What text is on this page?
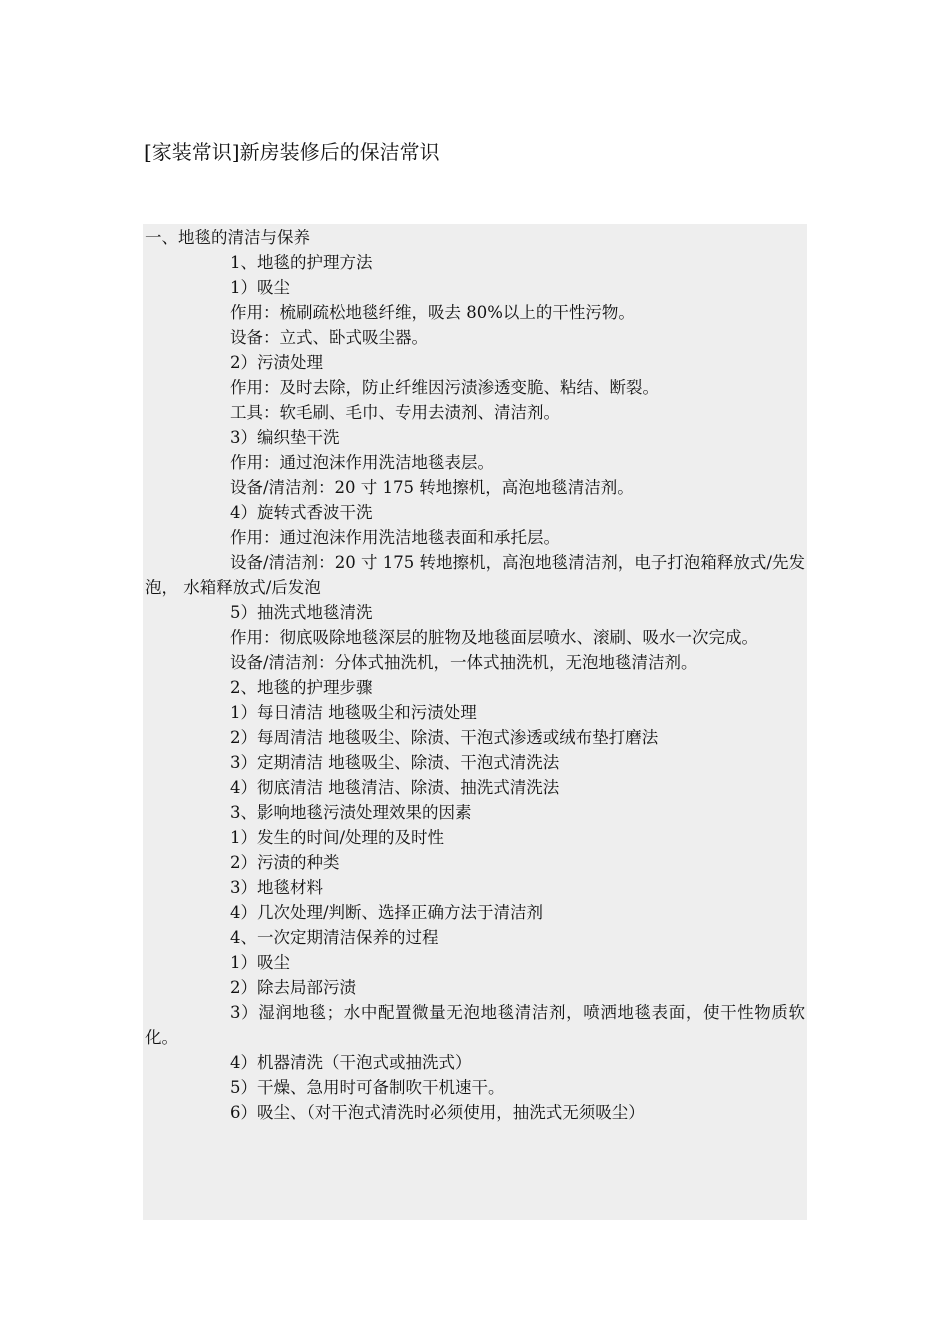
[家装常识]新房装修后的保洁常识
一、地毯的清洁与保养
1、地毯的护理方法
1）吸尘
作用：梳刷疏松地毯纤维，吸去 80%以上的干性污物。
设备：立式、卧式吸尘器。
2）污渍处理
作用：及时去除，防止纤维因污渍渗透变脆、粘结、断裂。
工具：软毛刷、毛巾、专用去渍剂、清洁剂。
3）编织垫干洗
作用：通过泡沫作用洗洁地毯表层。
设备/清洁剂：20 寸 175 转地擦机，高泡地毯清洁剂。
4）旋转式香波干洗
作用：通过泡沫作用洗洁地毯表面和承托层。
设备/清洁剂：20 寸 175 转地擦机，高泡地毯清洁剂，电子打泡箱释放式/先发泡， 水箱释放式/后发泡
5）抽洗式地毯清洗
作用：彻底吸除地毯深层的脏物及地毯面层喷水、滚刷、吸水一次完成。
设备/清洁剂：分体式抽洗机，一体式抽洗机，无泡地毯清洁剂。
2、地毯的护理步骤
1）每日清洁 地毯吸尘和污渍处理
2）每周清洁 地毯吸尘、除渍、干泡式渗透或绒布垫打磨法
3）定期清洁 地毯吸尘、除渍、干泡式清洗法
4）彻底清洁 地毯清洁、除渍、抽洗式清洗法
3、影响地毯污渍处理效果的因素
1）发生的时间/处理的及时性
2）污渍的种类
3）地毯材料
4）几次处理/判断、选择正确方法于清洁剂
4、一次定期清洁保养的过程
1）吸尘
2）除去局部污渍
3）湿润地毯；水中配置微量无泡地毯清洁剂，喷洒地毯表面，使干性物质软化。
4）机器清洗（干泡式或抽洗式）
5）干燥、急用时可备制吹干机速干。
6）吸尘、（对干泡式清洗时必须使用，抽洗式无须吸尘）
